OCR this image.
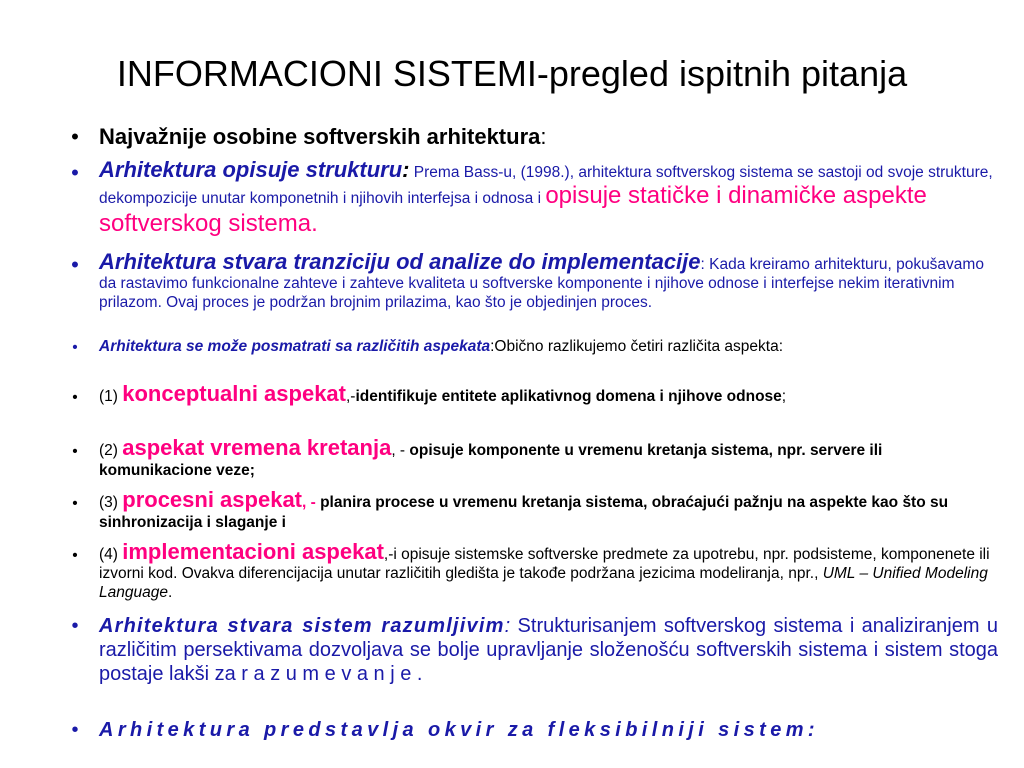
INFORMACIONI SISTEMI-pregled ispitnih pitanja
• Najvažnije osobine softverskih arhitektura:
• Arhitektura opisuje strukturu: Prema Bass-u, (1998.), arhitektura softverskog sistema se sastoji od svoje strukture, dekompozicije unutar komponetnih i njihovih interfejsa i odnosa i opisuje statičke i dinamičke aspekte softverskog sistema.
• Arhitektura stvara tranziciju od analize do implementacije: Kada kreiramo arhitekturu, pokušavamo da rastavimo funkcionalne zahteve i zahteve kvaliteta u softverske komponente i njihove odnose i interfejse nekim iterativnim prilazom. Ovaj proces je podržan brojnim prilazima, kao što je objedinjen proces.
•	Arhitektura se može posmatrati sa različitih aspekata:Obično razlikujemo četiri različita aspekta:
•	(1) konceptualni aspekat,-identifikuje entitete aplikativnog domena i njihove odnose;
•	(2) aspekat vremena kretanja, - opisuje komponente u vremenu kretanja sistema, npr. servere ili komunikacione veze;
•	(3) procesni aspekat, - planira procese u vremenu kretanja sistema, obraćajući pažnju na aspekte kao što su sinhronizacija i slaganje i
•	(4) implementacioni aspekat,-i opisuje sistemske softverske predmete za upotrebu, npr. podsisteme, komponenete ili izvorni kod. Ovakva diferencijacija unutar različitih gledišta je takođe podržana jezicima modeliranja, npr., UML – Unified Modeling Language.
•	Arhitektura stvara sistem razumljivim: Strukturisanjem softverskog sistema i analiziranjem u različitim persektivama dozvoljava se bolje upravljanje složenošću softverskih sistema i sistem stoga postaje lakši za r a z u m e v a n j e .
•	Arhitektura predstavlja okvir za fleksibilniji sistem:
